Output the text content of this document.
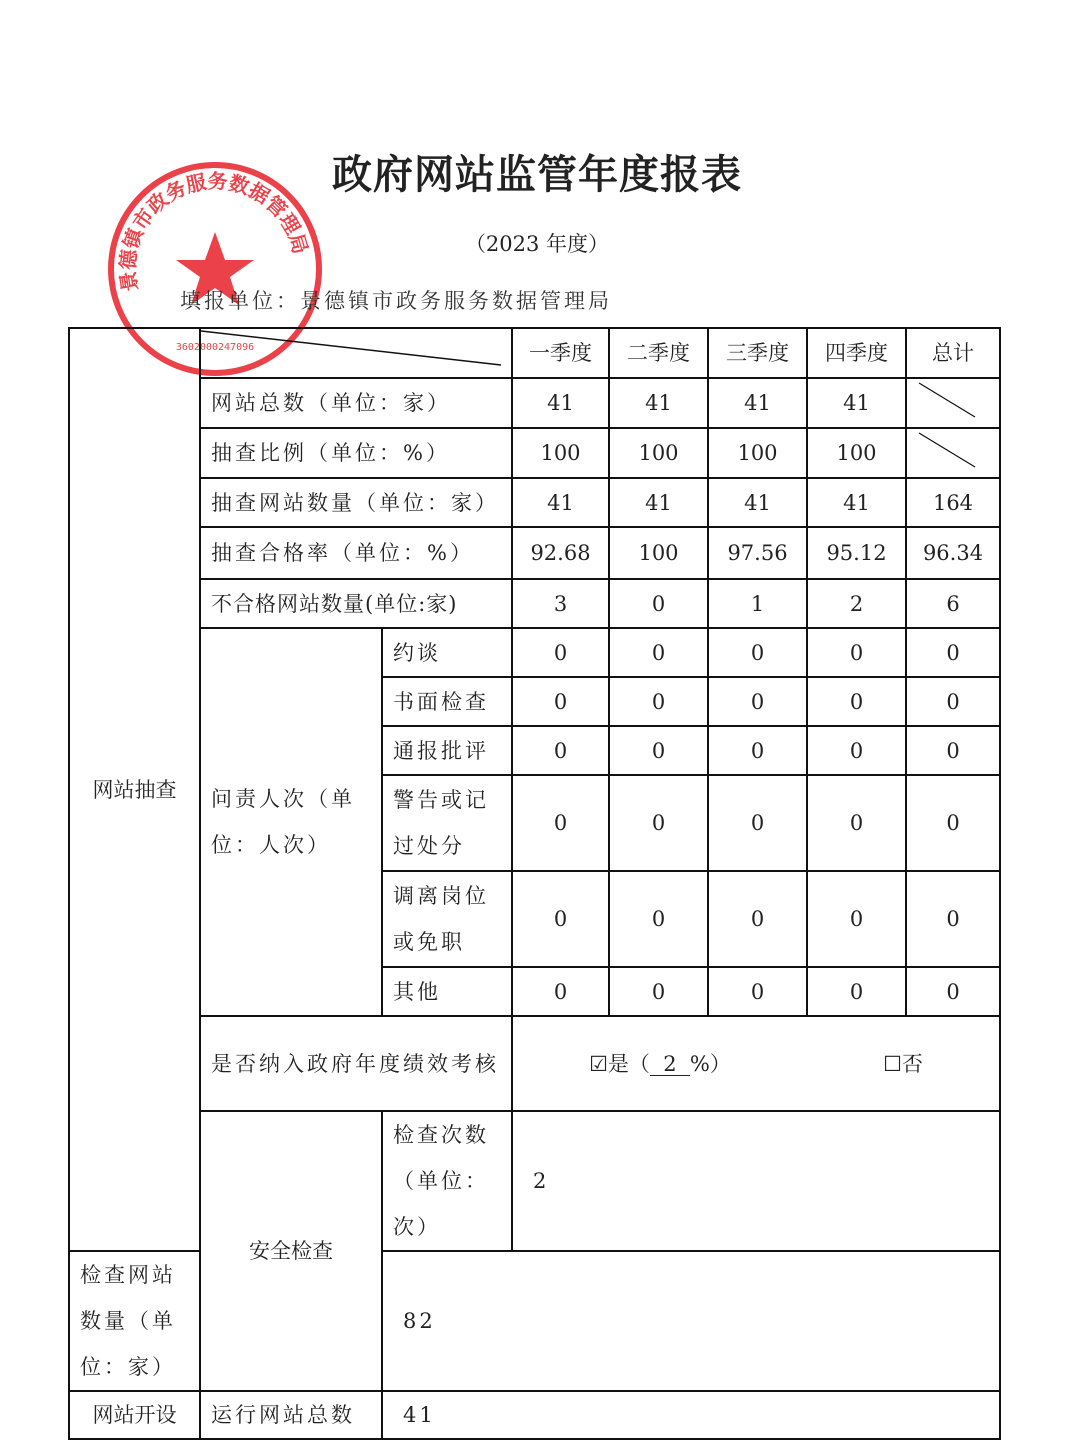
景德镇市政务服务数据管理局
3602000247096
政府网站监管年度报表
（2023 年度）
填报单位：景德镇市政务服务数据管理局
网站抽查			一季度	二季度	三季度	四季度	总计
	网站总数（单位：家）		41	41	41	41	

	抽查比例（单位：%）		100	100	100	100	

	抽查网站数量（单位：家）		41	41	41	41	164
	抽查合格率（单位：%）		92.68	100	97.56	95.12	96.34
	不合格网站数量(单位:家)		3	0	1	2	6
	问责人次（单位：人次）	约谈	0	0	0	0	0
		书面检查	0	0	0	0	0
		通报批评	0	0	0	0	0
		警告或记过处分	0	0	0	0	0
		调离岗位或免职	0	0	0	0	0
		其他	0	0	0	0	0
	是否纳入政府年度绩效考核		☑是（ 2 %） ☐否				

	安全检查	检查次数（单位：次）	2				
检查网站数量（单位：家）		82					
网站开设	运行网站总数	41					
